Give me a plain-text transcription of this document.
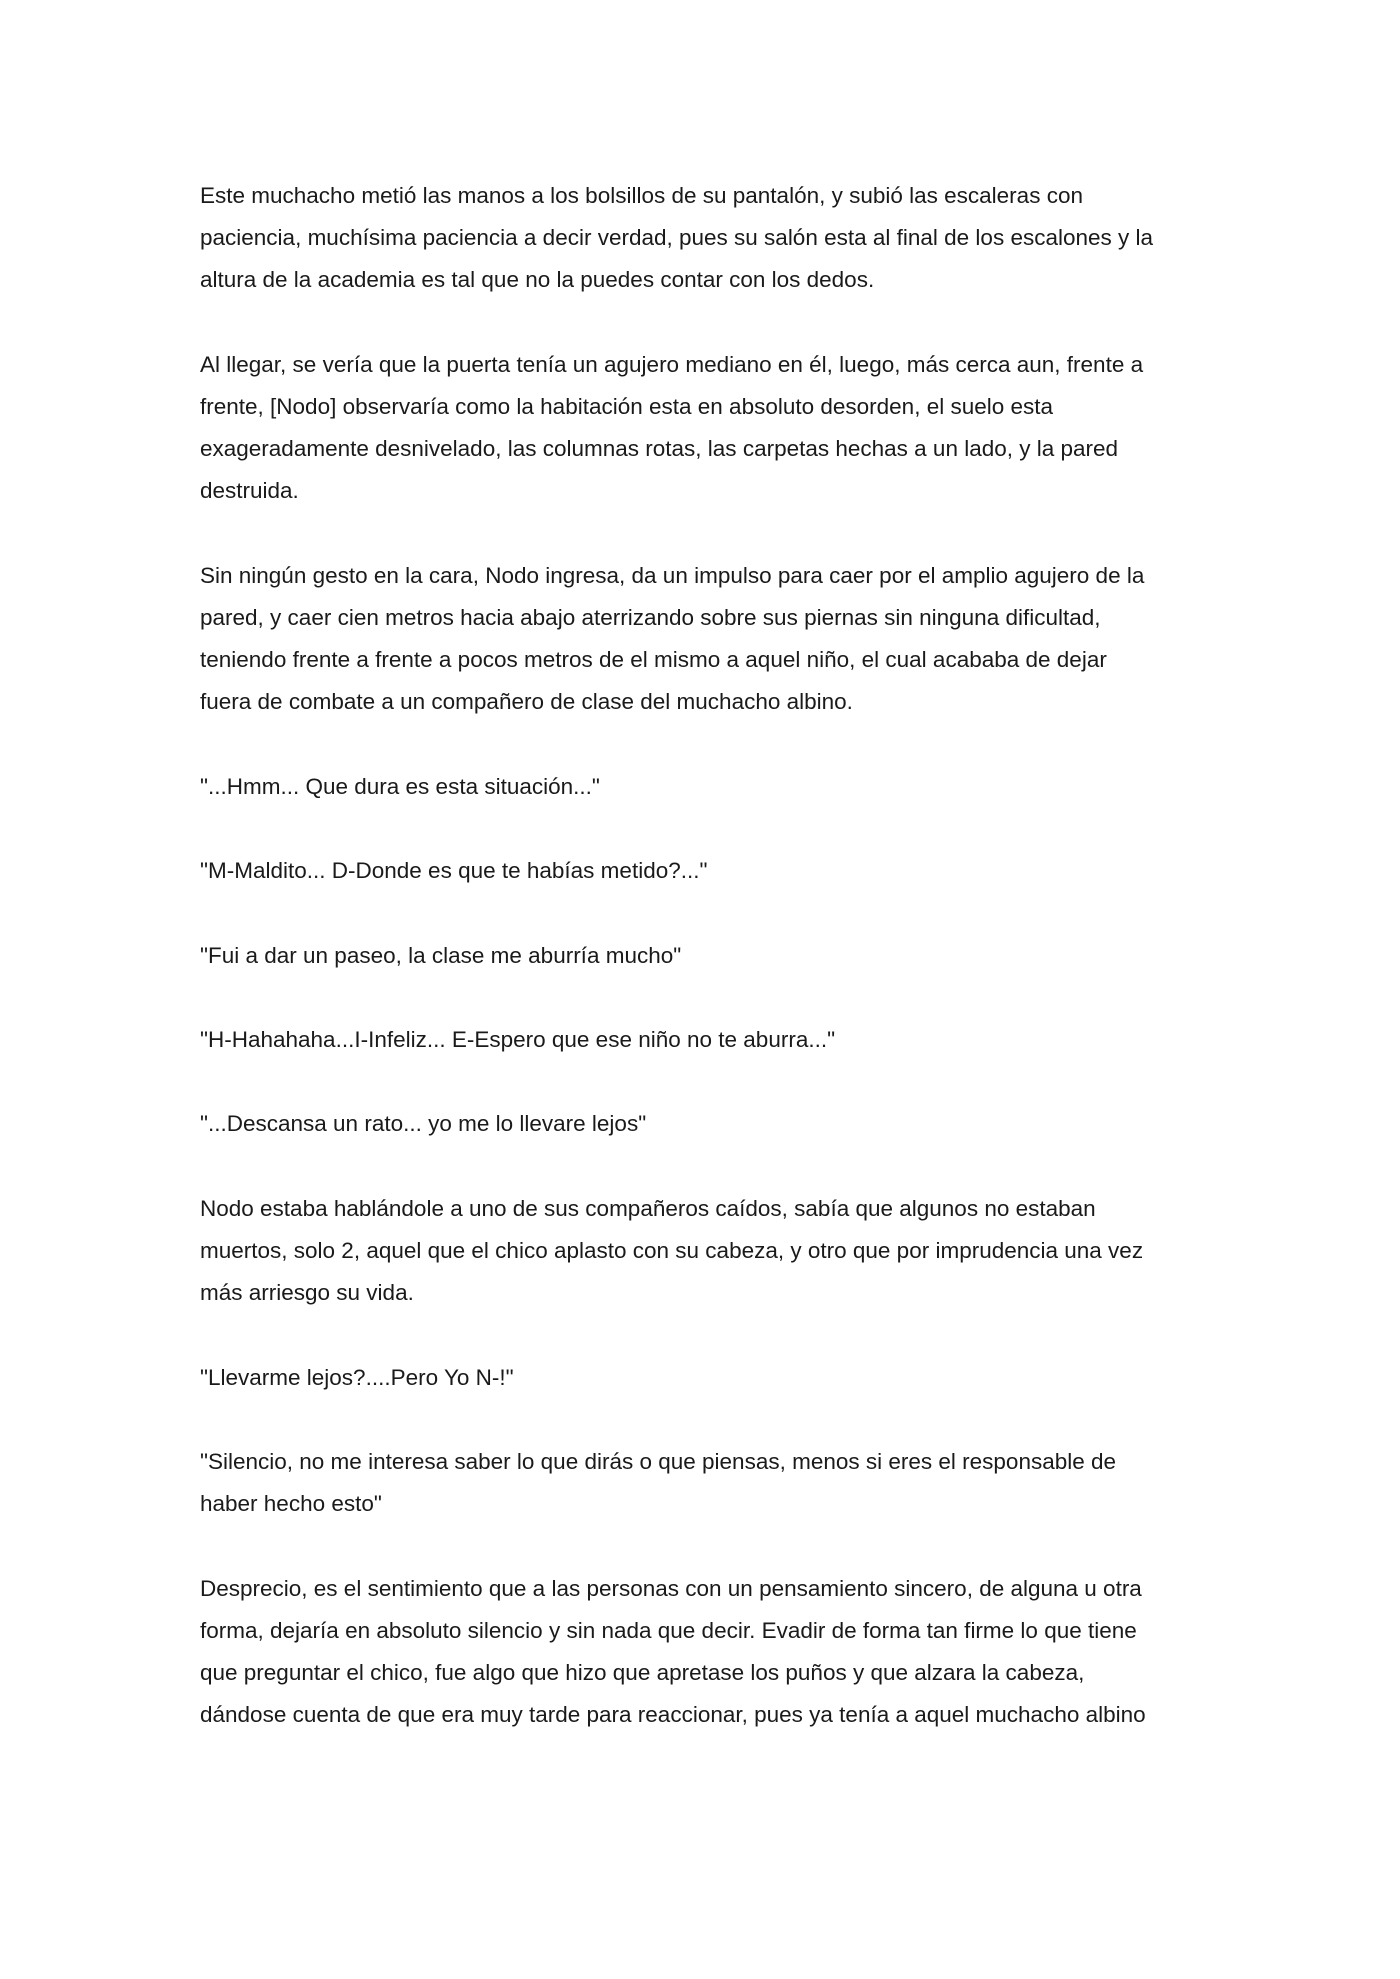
Este muchacho metió las manos a los bolsillos de su pantalón, y subió las escaleras con
paciencia, muchísima paciencia a decir verdad, pues su salón esta al final de los escalones y la
altura de la academia es tal que no la puedes contar con los dedos.

Al llegar, se vería que la puerta tenía un agujero mediano en él, luego, más cerca aun, frente a
frente, [Nodo] observaría como la habitación esta en absoluto desorden, el suelo esta
exageradamente desnivelado, las columnas rotas, las carpetas hechas a un lado, y la pared
destruida.

Sin ningún gesto en la cara, Nodo ingresa, da un impulso para caer por el amplio agujero de la
pared, y caer cien metros hacia abajo aterrizando sobre sus piernas sin ninguna dificultad,
teniendo frente a frente a pocos metros de el mismo a aquel niño, el cual acababa de dejar
fuera de combate a un compañero de clase del muchacho albino.

"...Hmm... Que dura es esta situación..."

"M-Maldito... D-Donde es que te habías metido?..."

"Fui a dar un paseo, la clase me aburría mucho"

"H-Hahahaha...I-Infeliz... E-Espero que ese niño no te aburra..."

"...Descansa un rato... yo me lo llevare lejos"

Nodo estaba hablándole a uno de sus compañeros caídos, sabía que algunos no estaban
muertos, solo 2, aquel que el chico aplasto con su cabeza, y otro que por imprudencia una vez
más arriesgo su vida.

"Llevarme lejos?....Pero Yo N-!"

"Silencio, no me interesa saber lo que dirás o que piensas, menos si eres el responsable de
haber hecho esto"

Desprecio, es el sentimiento que a las personas con un pensamiento sincero, de alguna u otra
forma, dejaría en absoluto silencio y sin nada que decir. Evadir de forma tan firme lo que tiene
que preguntar el chico, fue algo que hizo que apretase los puños y que alzara la cabeza,
dándose cuenta de que era muy tarde para reaccionar, pues ya tenía a aquel muchacho albino
